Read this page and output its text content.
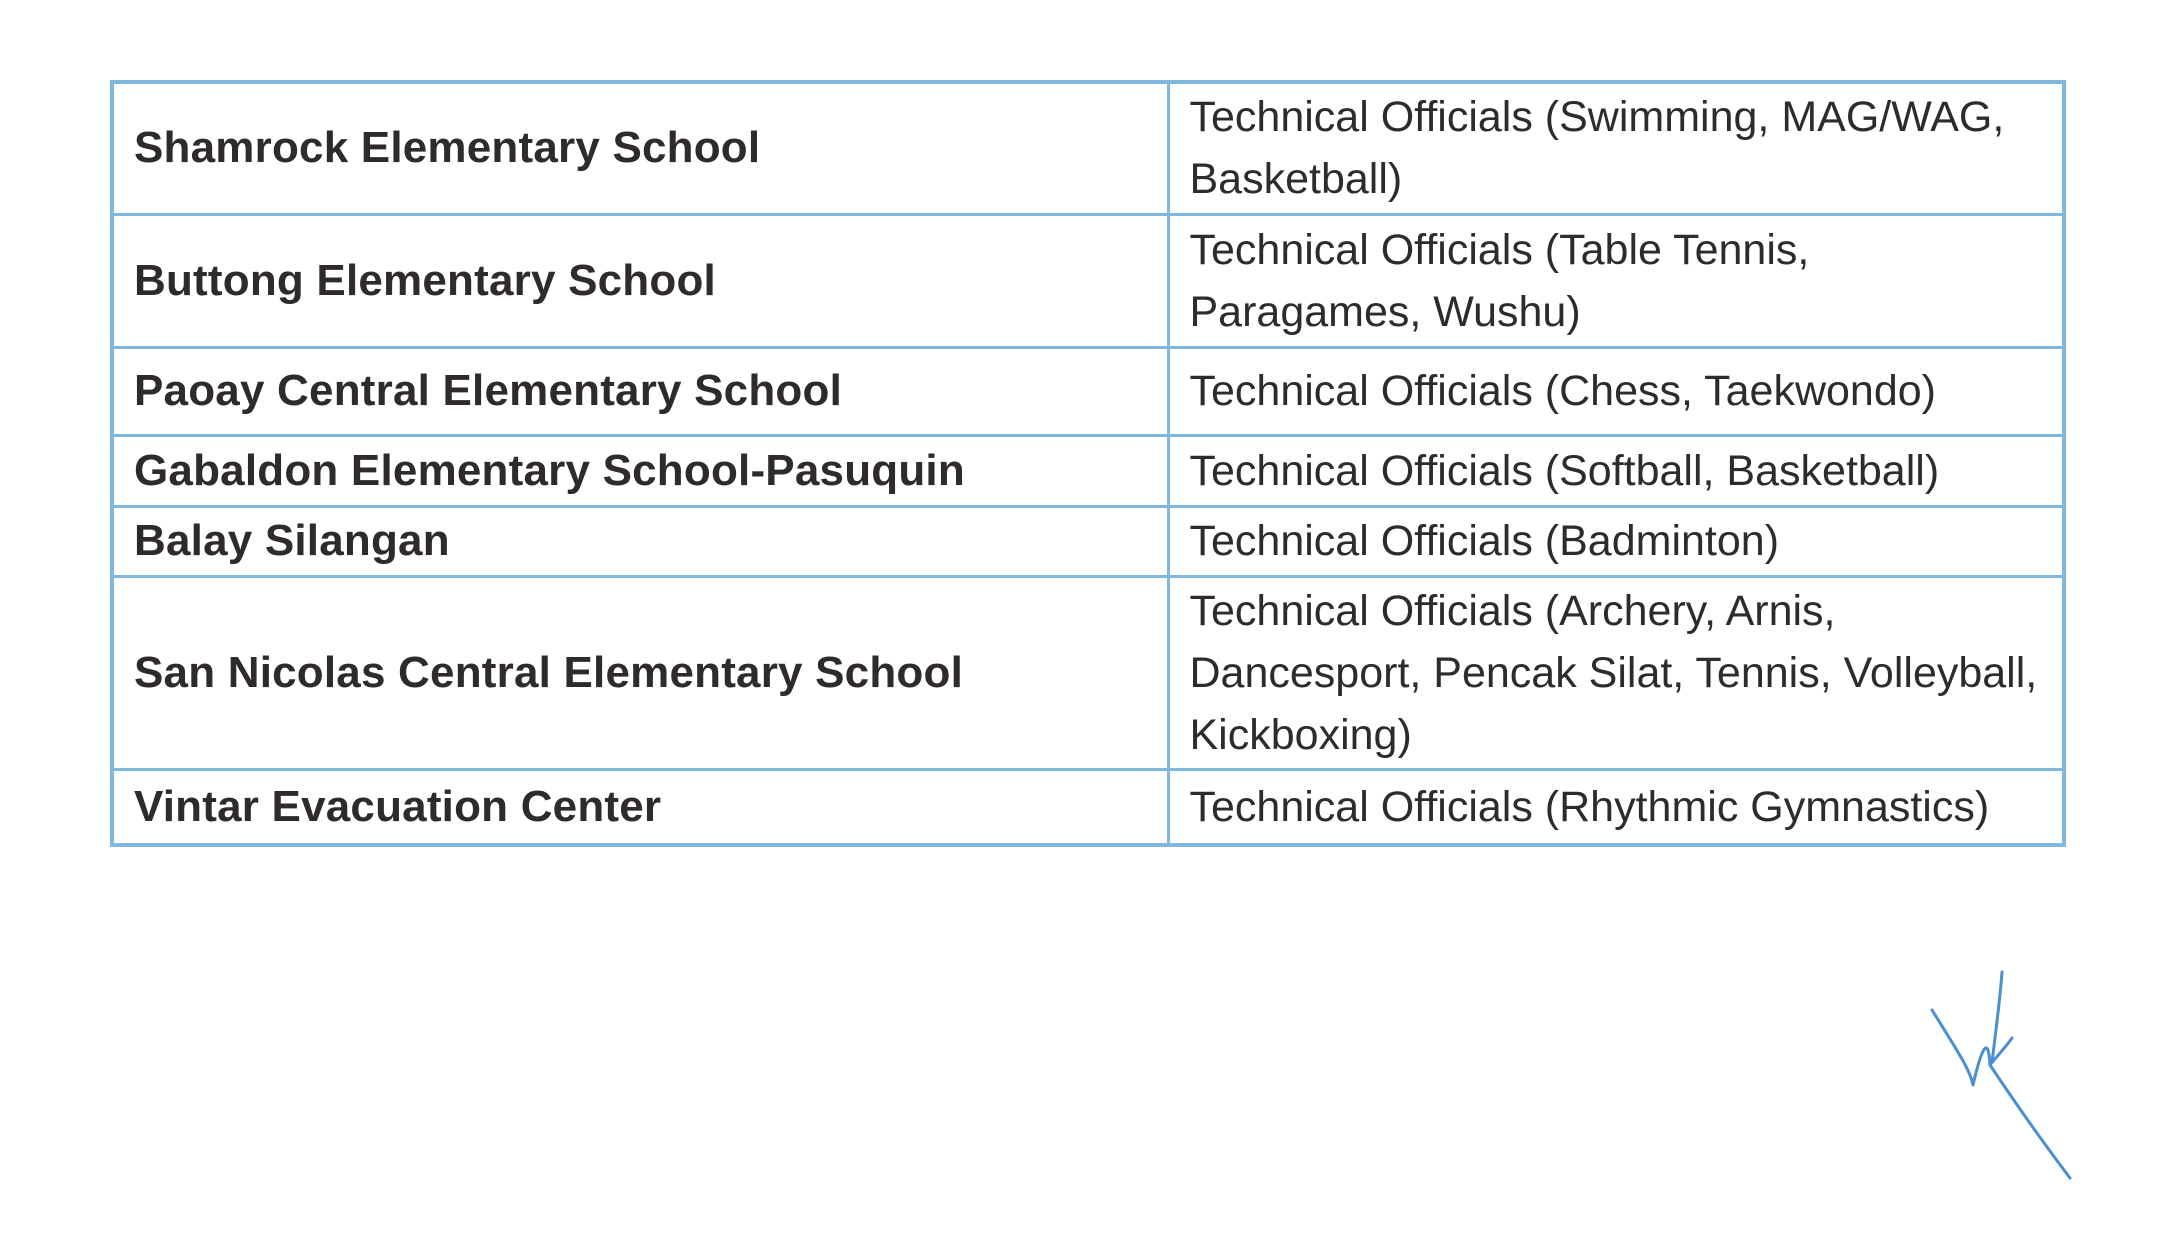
Shamrock Elementary School	Technical Officials (Swimming, MAG/WAG, Basketball)
Buttong Elementary School	Technical Officials (Table Tennis, Paragames, Wushu)
Paoay Central Elementary School	Technical Officials (Chess, Taekwondo)
Gabaldon Elementary School-Pasuquin	Technical Officials (Softball, Basketball)
Balay Silangan	Technical Officials (Badminton)
San Nicolas Central Elementary School	Technical Officials (Archery, Arnis, Dancesport, Pencak Silat, Tennis, Volleyball, Kickboxing)
Vintar Evacuation Center	Technical Officials (Rhythmic Gymnastics)
